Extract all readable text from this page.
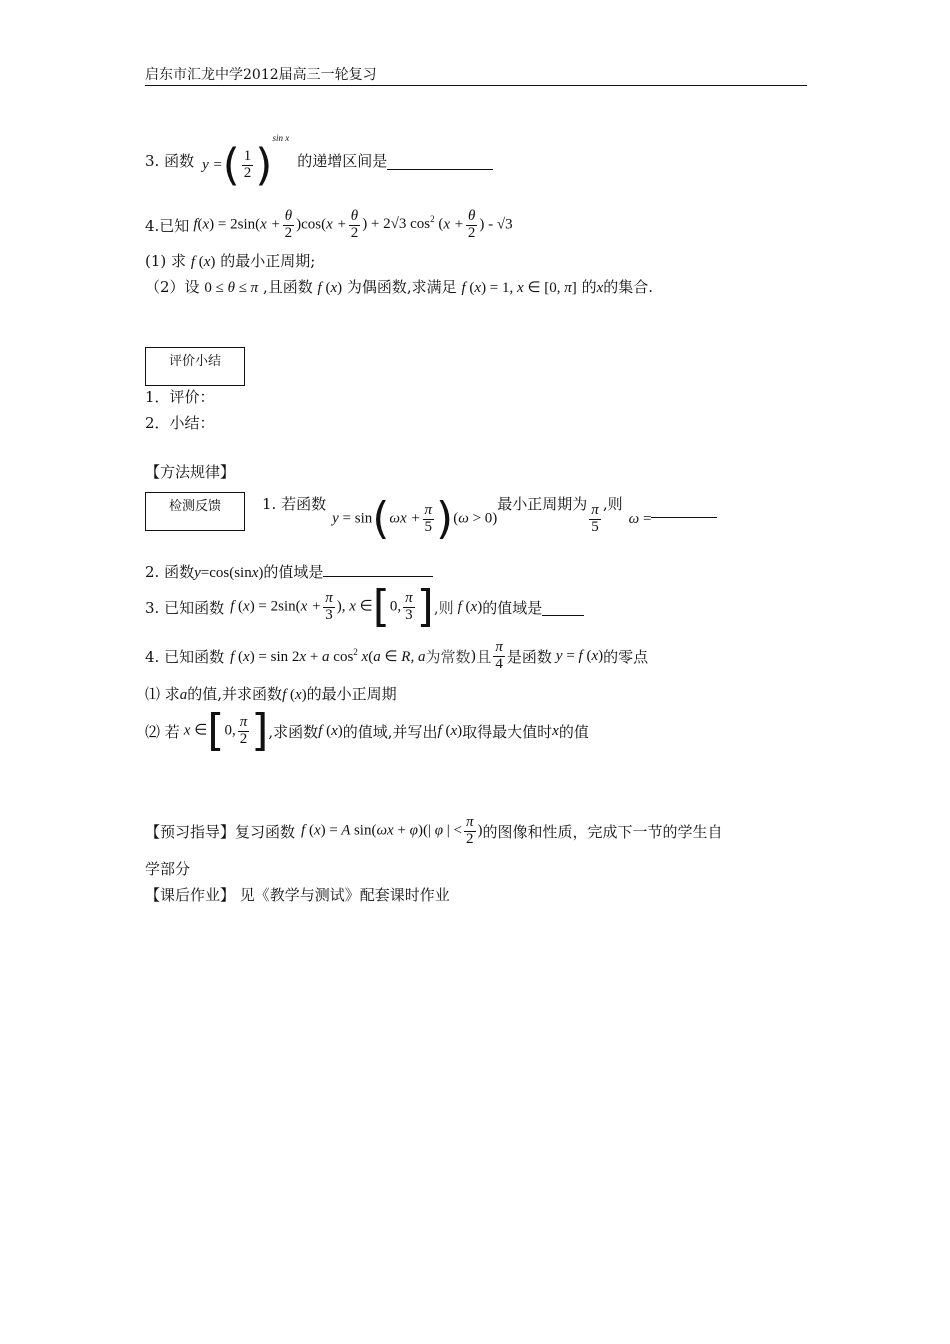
启东市汇龙中学2012届高三一轮复习
3. 函数 y =( $\frac{1}{2} )^{sin x}$
的递增区间是
4.已知 $f(x) = 2\sin(x + \frac{\theta}{2} )\cos(x + \frac{\theta}{2}$ ) + 2√3 $\cos^2 (x + \frac{\theta}{2}$ ) - √3
(1) 求 f (x) 的最小正周期;
（2）设 0 ≤ θ ≤ π ,且函数 f (x) 为偶函数,求满足 f (x) = 1, x ∈ [0, π] 的x的集合.
评价小结
1．评价：
2．小结：
【方法规律】
检测反馈	1. 若函数
$y = \sin(\omega x + \frac{\pi}{5} )(\omega > 0)$
最小正周期为 $\frac{\pi}{5}$ ,则
ω =
2. 函数y=cos(sinx)的值域是
3. 已知函数 f $(x) = 2\sin(x + \frac{\pi}{3}$ ), x ∈[0, $\frac{\pi}{3}$ ] ,则 f (x) 的值域是
4. 已知函数 f (x) = sin 2x + a $\cos^2 x(a$ ∈ R, a 为常数 ) 且 $\frac{\pi}{4}$ 是函数 y = f (x) 的零点
⑴ 求a的值,并求函数f (x)的最小正周期
⑵ 若 x ∈[0, $\frac{\pi}{2}$ ] ,求函数 f (x) 的值域,并写出 f (x) 取得最大值时 x 的值
【预习指导】复习函数 f (x) = A sin(ωx + φ)(| φ | < $\frac{\pi}{2}$ ) 的图像和性质，完成下一节的学生自
学部分
【课后作业】 见《教学与测试》配套课时作业
